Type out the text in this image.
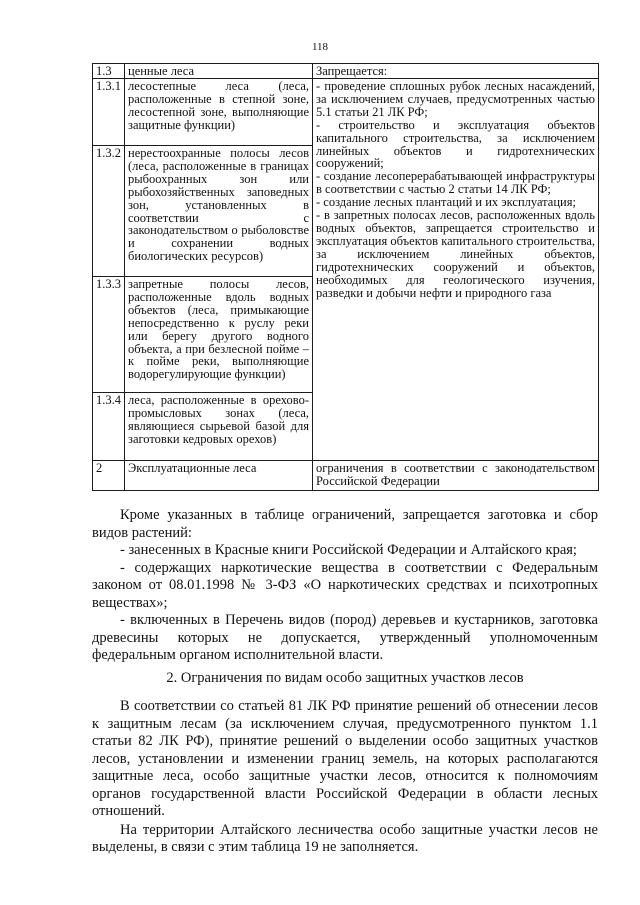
118
1.3	ценные леса	Запрещается:
1.3.1	лесостепные леса (леса, расположенные в степной зоне, лесостепной зоне, выполняющие защитные функции)	- проведение сплошных рубок лесных насаждений, за исключением случаев, предусмотренных частью 5.1 статьи 21 ЛК РФ;
- строительство и эксплуатация объектов капитального строительства, за исключением линейных объектов и гидротехнических сооружений;
- создание лесоперерабатывающей инфраструктуры в соответствии с частью 2 статьи 14 ЛК РФ;
- создание лесных плантаций и их эксплуатация;
- в запретных полосах лесов, расположенных вдоль водных объектов, запрещается строительство и эксплуатация объектов капитального строительства, за исключением линейных объектов, гидротехнических сооружений и объектов, необходимых для геологического изучения, разведки и добычи нефти и природного газа

1.3.2	нерестоохранные полосы лесов (леса, расположенные в границах рыбоохранных зон или рыбохозяйственных заповедных зон, установленных в соответствии с законодательством о рыболовстве и сохранении водных биологических ресурсов)	
1.3.3	запретные полосы лесов, расположенные вдоль водных объектов (леса, примыкающие непосредственно к руслу реки или берегу другого водного объекта, а при безлесной пойме – к пойме реки, выполняющие водорегулирующие функции)	
1.3.4	леса, расположенные в орехово-промысловых зонах (леса, являющиеся сырьевой базой для заготовки кедровых орехов)	
2	Эксплуатационные леса	ограничения в соответствии с законодательством Российской Федерации

Кроме указанных в таблице ограничений, запрещается заготовка и сбор видов растений:

- занесенных в Красные книги Российской Федерации и Алтайского края;

- содержащих наркотические вещества в соответствии с Федеральным законом от 08.01.1998 № 3-ФЗ «О наркотических средствах и психотропных веществах»;

- включенных в Перечень видов (пород) деревьев и кустарников, заготовка древесины которых не допускается, утвержденный уполномоченным федеральным органом исполнительной власти.

2. Ограничения по видам особо защитных участков лесов

В соответствии со статьей 81 ЛК РФ принятие решений об отнесении лесов к защитным лесам (за исключением случая, предусмотренного пунктом 1.1 статьи 82 ЛК РФ), принятие решений о выделении особо защитных участков лесов, установлении и изменении границ земель, на которых располагаются защитные леса, особо защитные участки лесов, относится к полномочиям органов государственной власти Российской Федерации в области лесных отношений.

На территории Алтайского лесничества особо защитные участки лесов не выделены, в связи с этим таблица 19 не заполняется.
